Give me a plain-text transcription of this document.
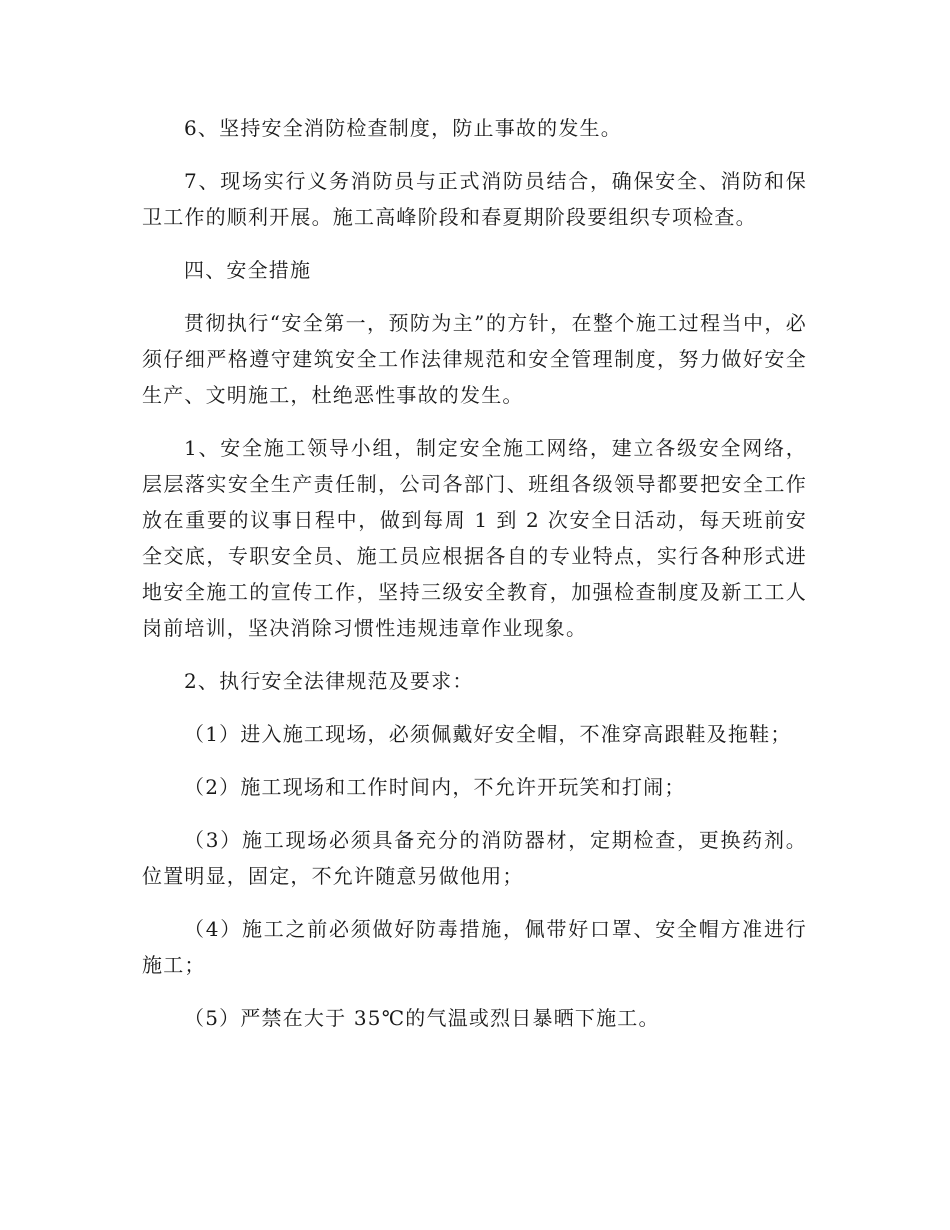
6、坚持安全消防检查制度，防止事故的发生。

7、现场实行义务消防员与正式消防员结合，确保安全、消防和保卫工作的顺利开展。施工高峰阶段和春夏期阶段要组织专项检查。

四、安全措施

贯彻执行“安全第一，预防为主”的方针，在整个施工过程当中，必须仔细严格遵守建筑安全工作法律规范和安全管理制度，努力做好安全生产、文明施工，杜绝恶性事故的发生。

1、安全施工领导小组，制定安全施工网络，建立各级安全网络，层层落实安全生产责任制，公司各部门、班组各级领导都要把安全工作放在重要的议事日程中，做到每周 1 到 2 次安全日活动，每天班前安全交底，专职安全员、施工员应根据各自的专业特点，实行各种形式进地安全施工的宣传工作，坚持三级安全教育，加强检查制度及新工工人岗前培训，坚决消除习惯性违规违章作业现象。

2、执行安全法律规范及要求：

（1）进入施工现场，必须佩戴好安全帽，不准穿高跟鞋及拖鞋；

（2）施工现场和工作时间内，不允许开玩笑和打闹；

（3）施工现场必须具备充分的消防器材，定期检查，更换药剂。位置明显，固定，不允许随意另做他用；

（4）施工之前必须做好防毒措施，佩带好口罩、安全帽方准进行施工；

（5）严禁在大于 35℃的气温或烈日暴晒下施工。
